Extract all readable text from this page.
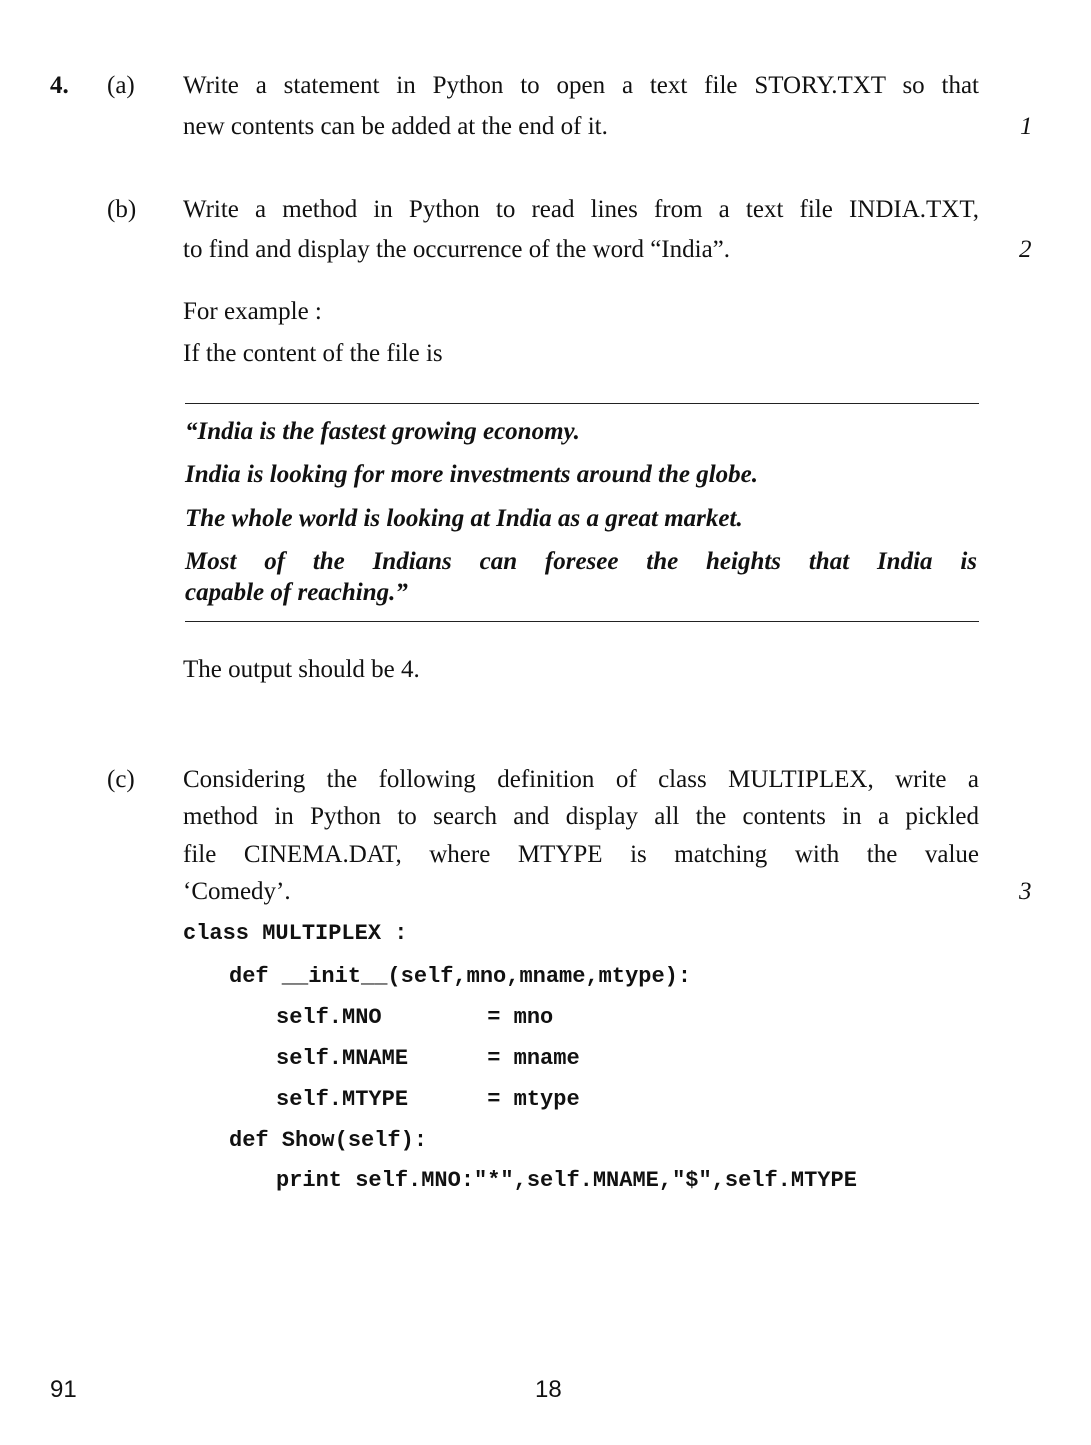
4. (a) Write a statement in Python to open a text file STORY.TXT so that
new contents can be added at the end of it.	1
(b) Write a method in Python to read lines from a text file INDIA.TXT,
to find and display the occurrence of the word “India”.	2
For example :
If the content of the file is
“India is the fastest growing economy.
India is looking for more investments around the globe.
The whole world is looking at India as a great market.
Most of the Indians can foresee the heights that India is
capable of reaching.”
The output should be 4.
(c) Considering the following definition of class MULTIPLEX, write a
method in Python to search and display all the contents in a pickled
file CINEMA.DAT, where MTYPE is matching with the value
‘Comedy’.	3
class MULTIPLEX :
def __init__(self,mno,mname,mtype):
self.MNO        = mno
self.MNAME      = mname
self.MTYPE      = mtype
def Show(self):
print self.MNO:"*",self.MNAME,"$",self.MTYPE
91	18
